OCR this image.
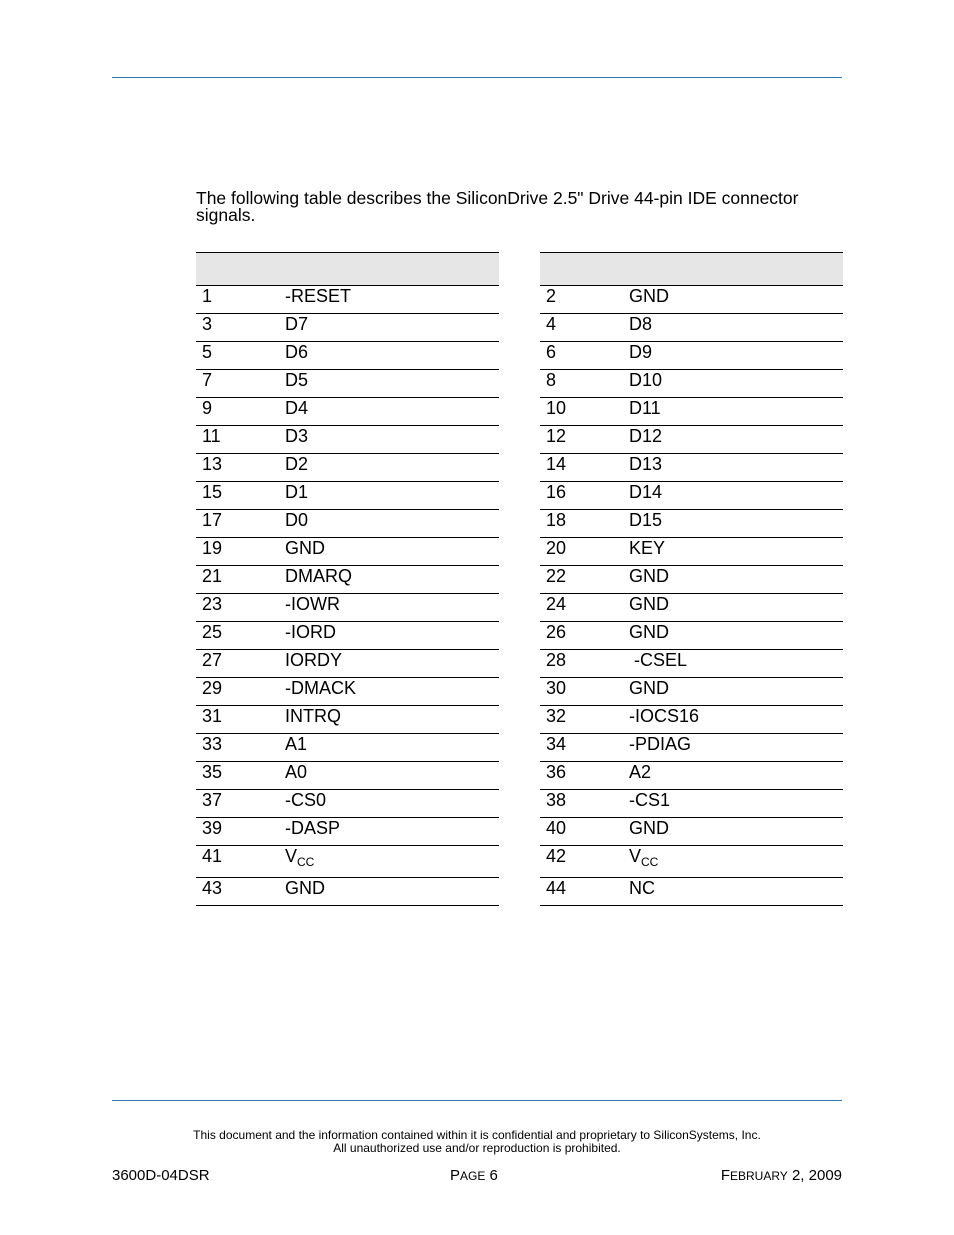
The following table describes the SiliconDrive 2.5" Drive 44-pin IDE connector signals.

1	-RESET
3	D7
5	D6
7	D5
9	D4
11	D3
13	D2
15	D1
17	D0
19	GND
21	DMARQ
23	-IOWR
25	-IORD
27	IORDY
29	-DMACK
31	INTRQ
33	A1
35	A0
37	-CS0
39	-DASP
41	$V_{CC}$
43	GND

2	GND
4	D8
6	D9
8	D10
10	D11
12	D12
14	D13
16	D14
18	D15
20	KEY
22	GND
24	GND
26	GND
28	-CSEL
30	GND
32	-IOCS16
34	-PDIAG
36	A2
38	-CS1
40	GND
42	$V_{CC}$
44	NC

This document and the information contained within it is confidential and proprietary to SiliconSystems, Inc.

All unauthorized use and/or reproduction is prohibited.

3600D-04DSR	PAGE 6	FEBRUARY 2, 2009
